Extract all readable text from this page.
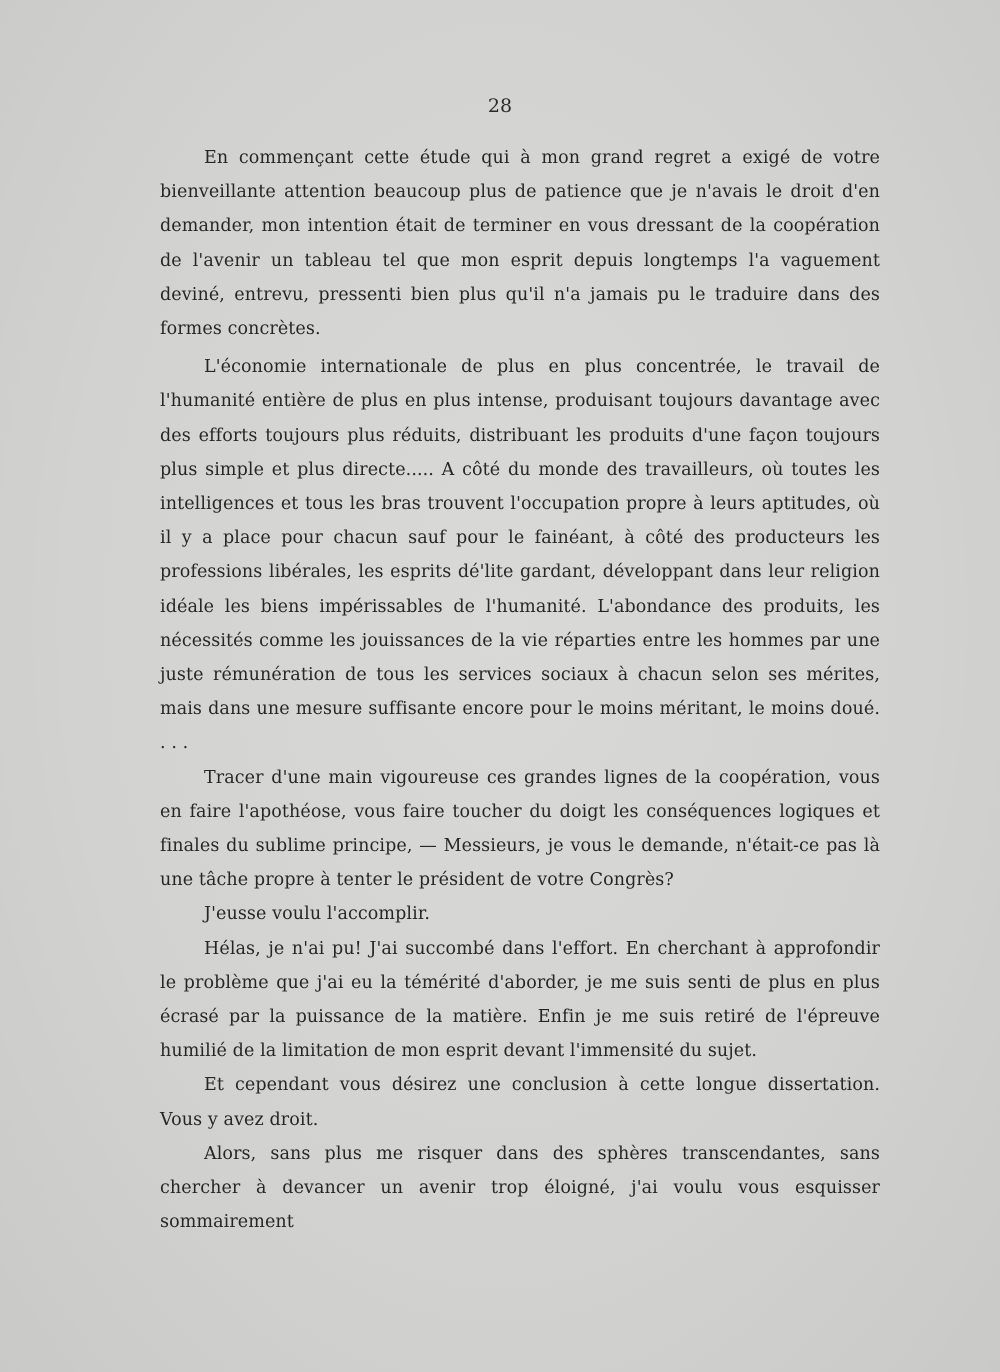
28

En commençant cette étude qui à mon grand regret a exigé de votre bienveillante attention beaucoup plus de patience que je n'avais le droit d'en demander, mon intention était de terminer en vous dressant de la coopération de l'avenir un tableau tel que mon esprit depuis longtemps l'a vaguement deviné, entrevu, pressenti bien plus qu'il n'a jamais pu le traduire dans des formes concrètes.

L'économie internationale de plus en plus concentrée, le travail de l'humanité entière de plus en plus intense, produisant toujours davantage avec des efforts toujours plus réduits, distribuant les produits d'une façon toujours plus simple et plus directe..... A côté du monde des travailleurs, où toutes les intelligences et tous les bras trouvent l'occupation propre à leurs aptitudes, où il y a place pour chacun sauf pour le fainéant, à côté des producteurs les professions libérales, les esprits dé'lite gardant, développant dans leur religion idéale les biens impérissables de l'humanité. L'abondance des produits, les nécessités comme les jouissances de la vie réparties entre les hommes par une juste rémunération de tous les services sociaux à chacun selon ses mérites, mais dans une mesure suffisante encore pour le moins méritant, le moins doué. . . .

Tracer d'une main vigoureuse ces grandes lignes de la coopération, vous en faire l'apothéose, vous faire toucher du doigt les conséquences logiques et finales du sublime principe, — Messieurs, je vous le demande, n'était-ce pas là une tâche propre à tenter le président de votre Congrès?

J'eusse voulu l'accomplir.

Hélas, je n'ai pu! J'ai succombé dans l'effort. En cherchant à approfondir le problème que j'ai eu la témérité d'aborder, je me suis senti de plus en plus écrasé par la puissance de la matière. Enfin je me suis retiré de l'épreuve humilié de la limitation de mon esprit devant l'immensité du sujet.

Et cependant vous désirez une conclusion à cette longue dissertation. Vous y avez droit.

Alors, sans plus me risquer dans des sphères transcendantes, sans chercher à devancer un avenir trop éloigné, j'ai voulu vous esquisser sommairement
